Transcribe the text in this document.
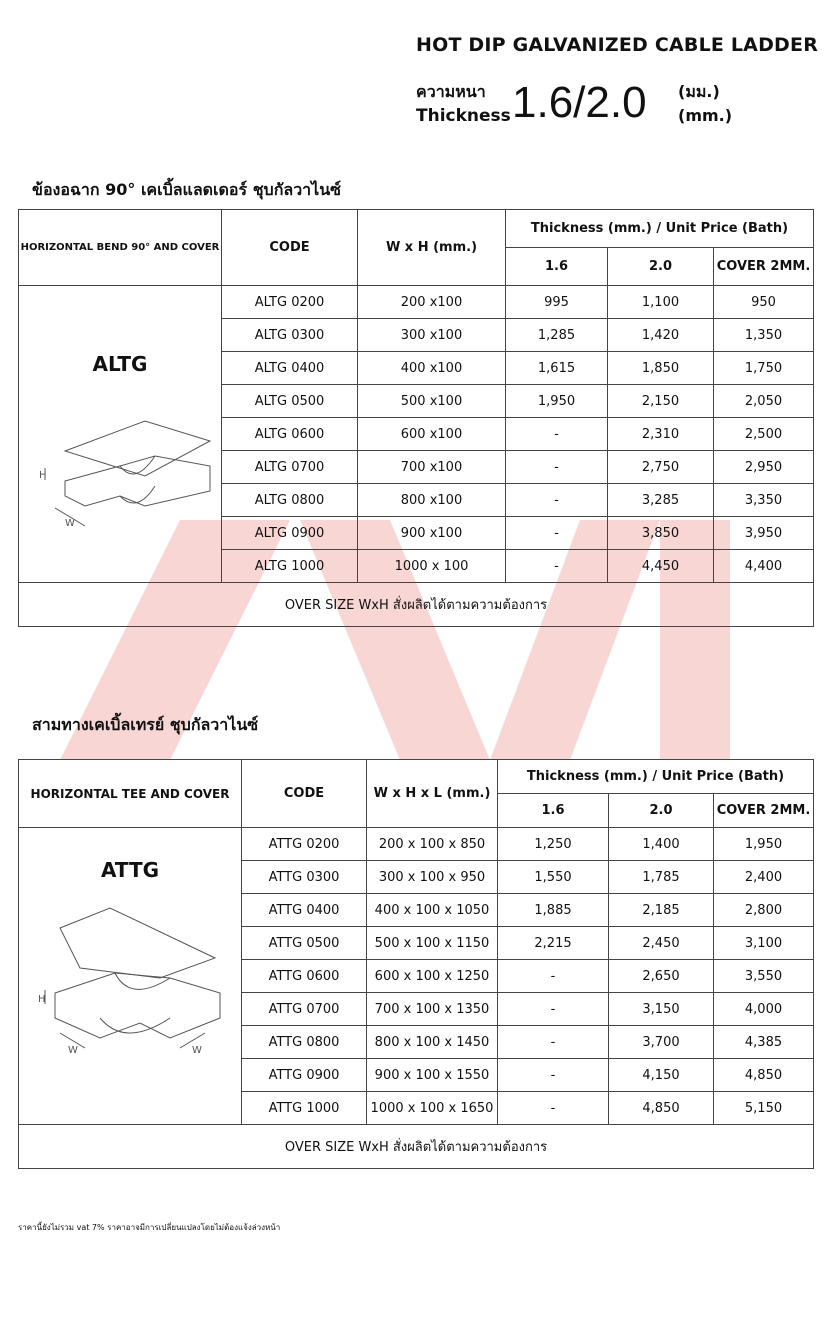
HOT DIP GALVANIZED CABLE LADDER
ความหนา
Thickness 1.6/2.0 (มม.)
(mm.)
ข้องอฉาก 90° เคเบิ้ลแลดเดอร์ ชุบกัลวาไนซ์
HORIZONTAL BEND 90° AND COVER	CODE	W x H (mm.)	Thickness (mm.) / Unit Price (Bath)		
			1.6	2.0	COVER 2MM.

ALTG
H
W	ALTG 0200	200 x100	995	1,100	950
	ALTG 0300	300 x100	1,285	1,420	1,350
	ALTG 0400	400 x100	1,615	1,850	1,750
	ALTG 0500	500 x100	1,950	2,150	2,050
	ALTG 0600	600 x100	-	2,310	2,500
	ALTG 0700	700 x100	-	2,750	2,950
	ALTG 0800	800 x100	-	3,285	3,350
	ALTG 0900	900 x100	-	3,850	3,950
	ALTG 1000	1000 x 100	-	4,450	4,400
OVER SIZE WxH สั่งผลิตได้ตามความต้องการ					
สามทางเคเบิ้ลเทรย์ ชุบกัลวาไนซ์
HORIZONTAL TEE AND COVER	CODE	W x H x L (mm.)	Thickness (mm.) / Unit Price (Bath)		
			1.6	2.0	COVER 2MM.

ATTG
H
W W	ATTG 0200	200 x 100 x 850	1,250	1,400	1,950
	ATTG 0300	300 x 100 x 950	1,550	1,785	2,400
	ATTG 0400	400 x 100 x 1050	1,885	2,185	2,800
	ATTG 0500	500 x 100 x 1150	2,215	2,450	3,100
	ATTG 0600	600 x 100 x 1250	-	2,650	3,550
	ATTG 0700	700 x 100 x 1350	-	3,150	4,000
	ATTG 0800	800 x 100 x 1450	-	3,700	4,385
	ATTG 0900	900 x 100 x 1550	-	4,150	4,850
	ATTG 1000	1000 x 100 x 1650	-	4,850	5,150
OVER SIZE WxH สั่งผลิตได้ตามความต้องการ					
ราคานี้ยังไม่รวม vat 7% ราคาอาจมีการเปลี่ยนแปลงโดยไม่ต้องแจ้งล่วงหน้า
